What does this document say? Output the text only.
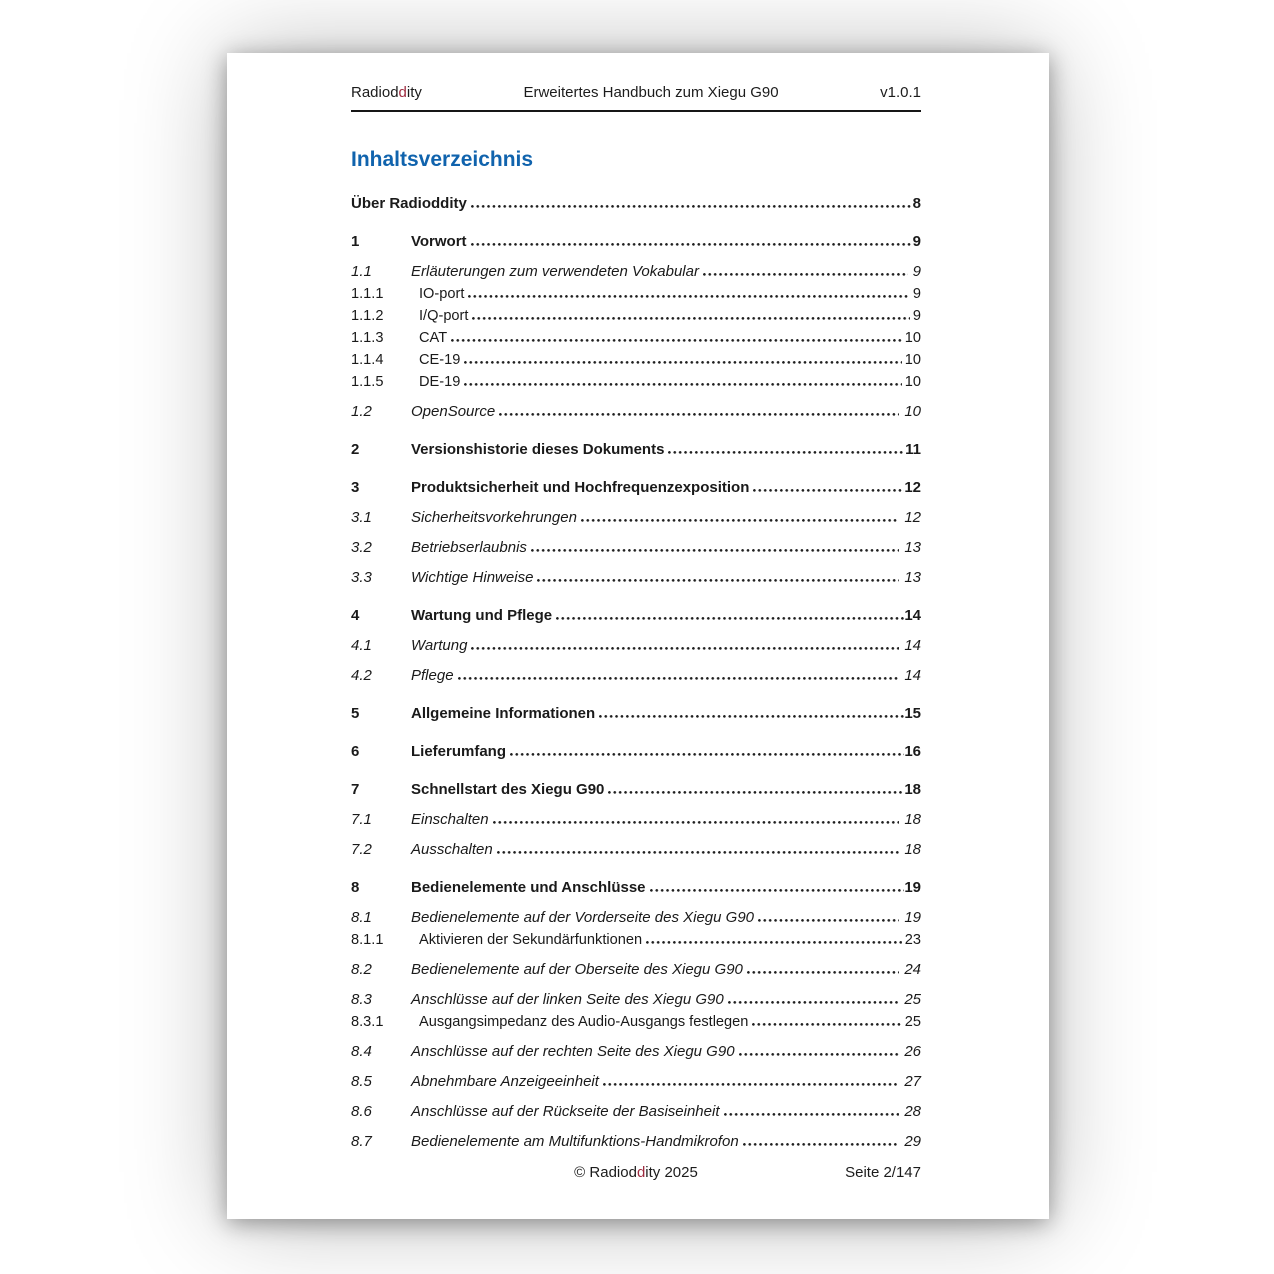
Radioddity	Erweitertes Handbuch zum Xiegu G90	v1.0.1
Inhaltsverzeichnis
Über Radioddity	8
1	Vorwort	9
1.1	Erläuterungen zum verwendeten Vokabular	9
1.1.1	IO-port	9
1.1.2	I/Q-port	9
1.1.3	CAT	10
1.1.4	CE-19	10
1.1.5	DE-19	10
1.2	OpenSource	10
2	Versionshistorie dieses Dokuments	11
3	Produktsicherheit und Hochfrequenzexposition	12
3.1	Sicherheitsvorkehrungen	12
3.2	Betriebserlaubnis	13
3.3	Wichtige Hinweise	13
4	Wartung und Pflege	14
4.1	Wartung	14
4.2	Pflege	14
5	Allgemeine Informationen	15
6	Lieferumfang	16
7	Schnellstart des Xiegu G90	18
7.1	Einschalten	18
7.2	Ausschalten	18
8	Bedienelemente und Anschlüsse	19
8.1	Bedienelemente auf der Vorderseite des Xiegu G90	19
8.1.1	Aktivieren der Sekundärfunktionen	23
8.2	Bedienelemente auf der Oberseite des Xiegu G90	24
8.3	Anschlüsse auf der linken Seite des Xiegu G90	25
8.3.1	Ausgangsimpedanz des Audio-Ausgangs festlegen	25
8.4	Anschlüsse auf der rechten Seite des Xiegu G90	26
8.5	Abnehmbare Anzeigeeinheit	27
8.6	Anschlüsse auf der Rückseite der Basiseinheit	28
8.7	Bedienelemente am Multifunktions-Handmikrofon	29
© Radioddity 2025	Seite 2/147
